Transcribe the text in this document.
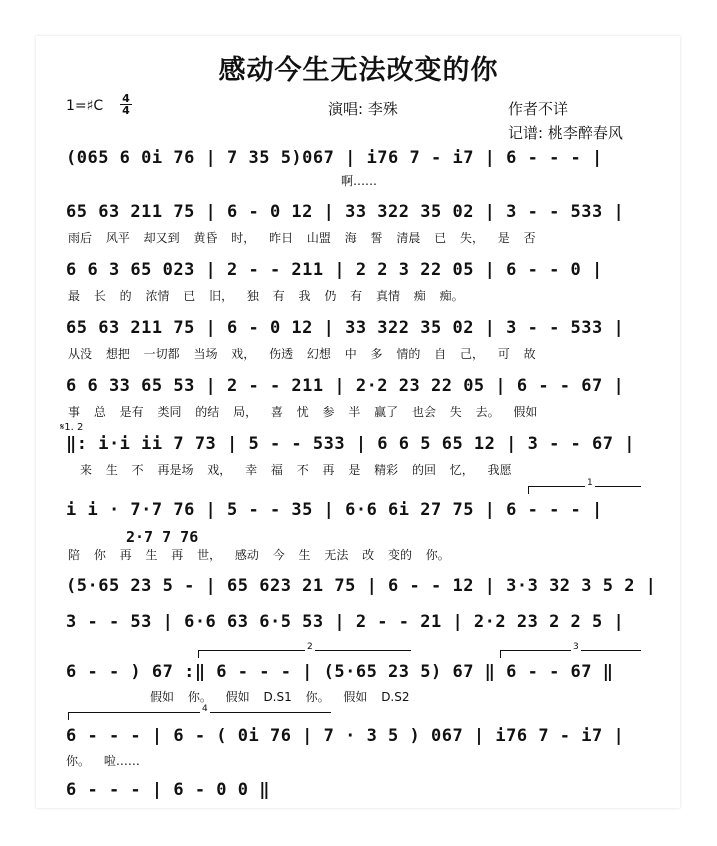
感动今生无法改变的你
1=♯C 4
4	演唱: 李殊	作者不详
记谱: 桃李醉春风
(065 6 0i 76 | 7 35 5)067 | i76 7 - i7 | 6 - - - |
啊……
65 63 211 75 | 6 - 0 12 | 33 322 35 02 | 3 - - 533 |
雨后 风平 却又到 黄昏 时， 昨日 山盟 海 誓 清晨 已 失， 是 否
6 6 3 65 023 | 2 - - 211 | 2 2 3 22 05 | 6 - - 0 |
最 长 的 浓情 已 旧， 独 有 我 仍 有 真情 痴 痴。
65 63 211 75 | 6 - 0 12 | 33 322 35 02 | 3 - - 533 |
从没 想把 一切都 当场 戏， 伤透 幻想 中 多 情的 自 己， 可 故
6 6 33 65 53 | 2 - - 211 | 2·2 23 22 05 | 6 - - 67 |
事 总 是有 类同 的结 局， 喜 忧 参 半 赢了 也会 失 去。 假如
𝄋1. 2
‖: i·i ii 7 73 | 5 - - 533 | 6 6 5 65 12 | 3 - - 67 |
来 生 不 再是场 戏， 幸 福 不 再 是 精彩 的回 忆， 我愿
1
i i · 7·7 76 | 5 - - 35 | 6·6 6i 27 75 | 6 - - - |
陪 你 再 生 再 世， 感动 今 生 无法 改 变的 你。
2·7 7 76
(5·65 23 5 - | 65 623 21 75 | 6 - - 12 | 3·3 32 3 5 2 |
3 - - 53 | 6·6 63 6·5 53 | 2 - - 21 | 2·2 23 2 2 5 |
2	3
6 - - ) 67 :‖ 6 - - - | (5·65 23 5) 67 ‖ 6 - - 67 ‖
假如 你。 假如 D.S1 你。 假如 D.S2
4
6 - - - | 6 - ( 0i 76 | 7 · 3 5 ) 067 | i76 7 - i7 |
你。 啦……
6 - - - | 6 - 0 0 ‖
